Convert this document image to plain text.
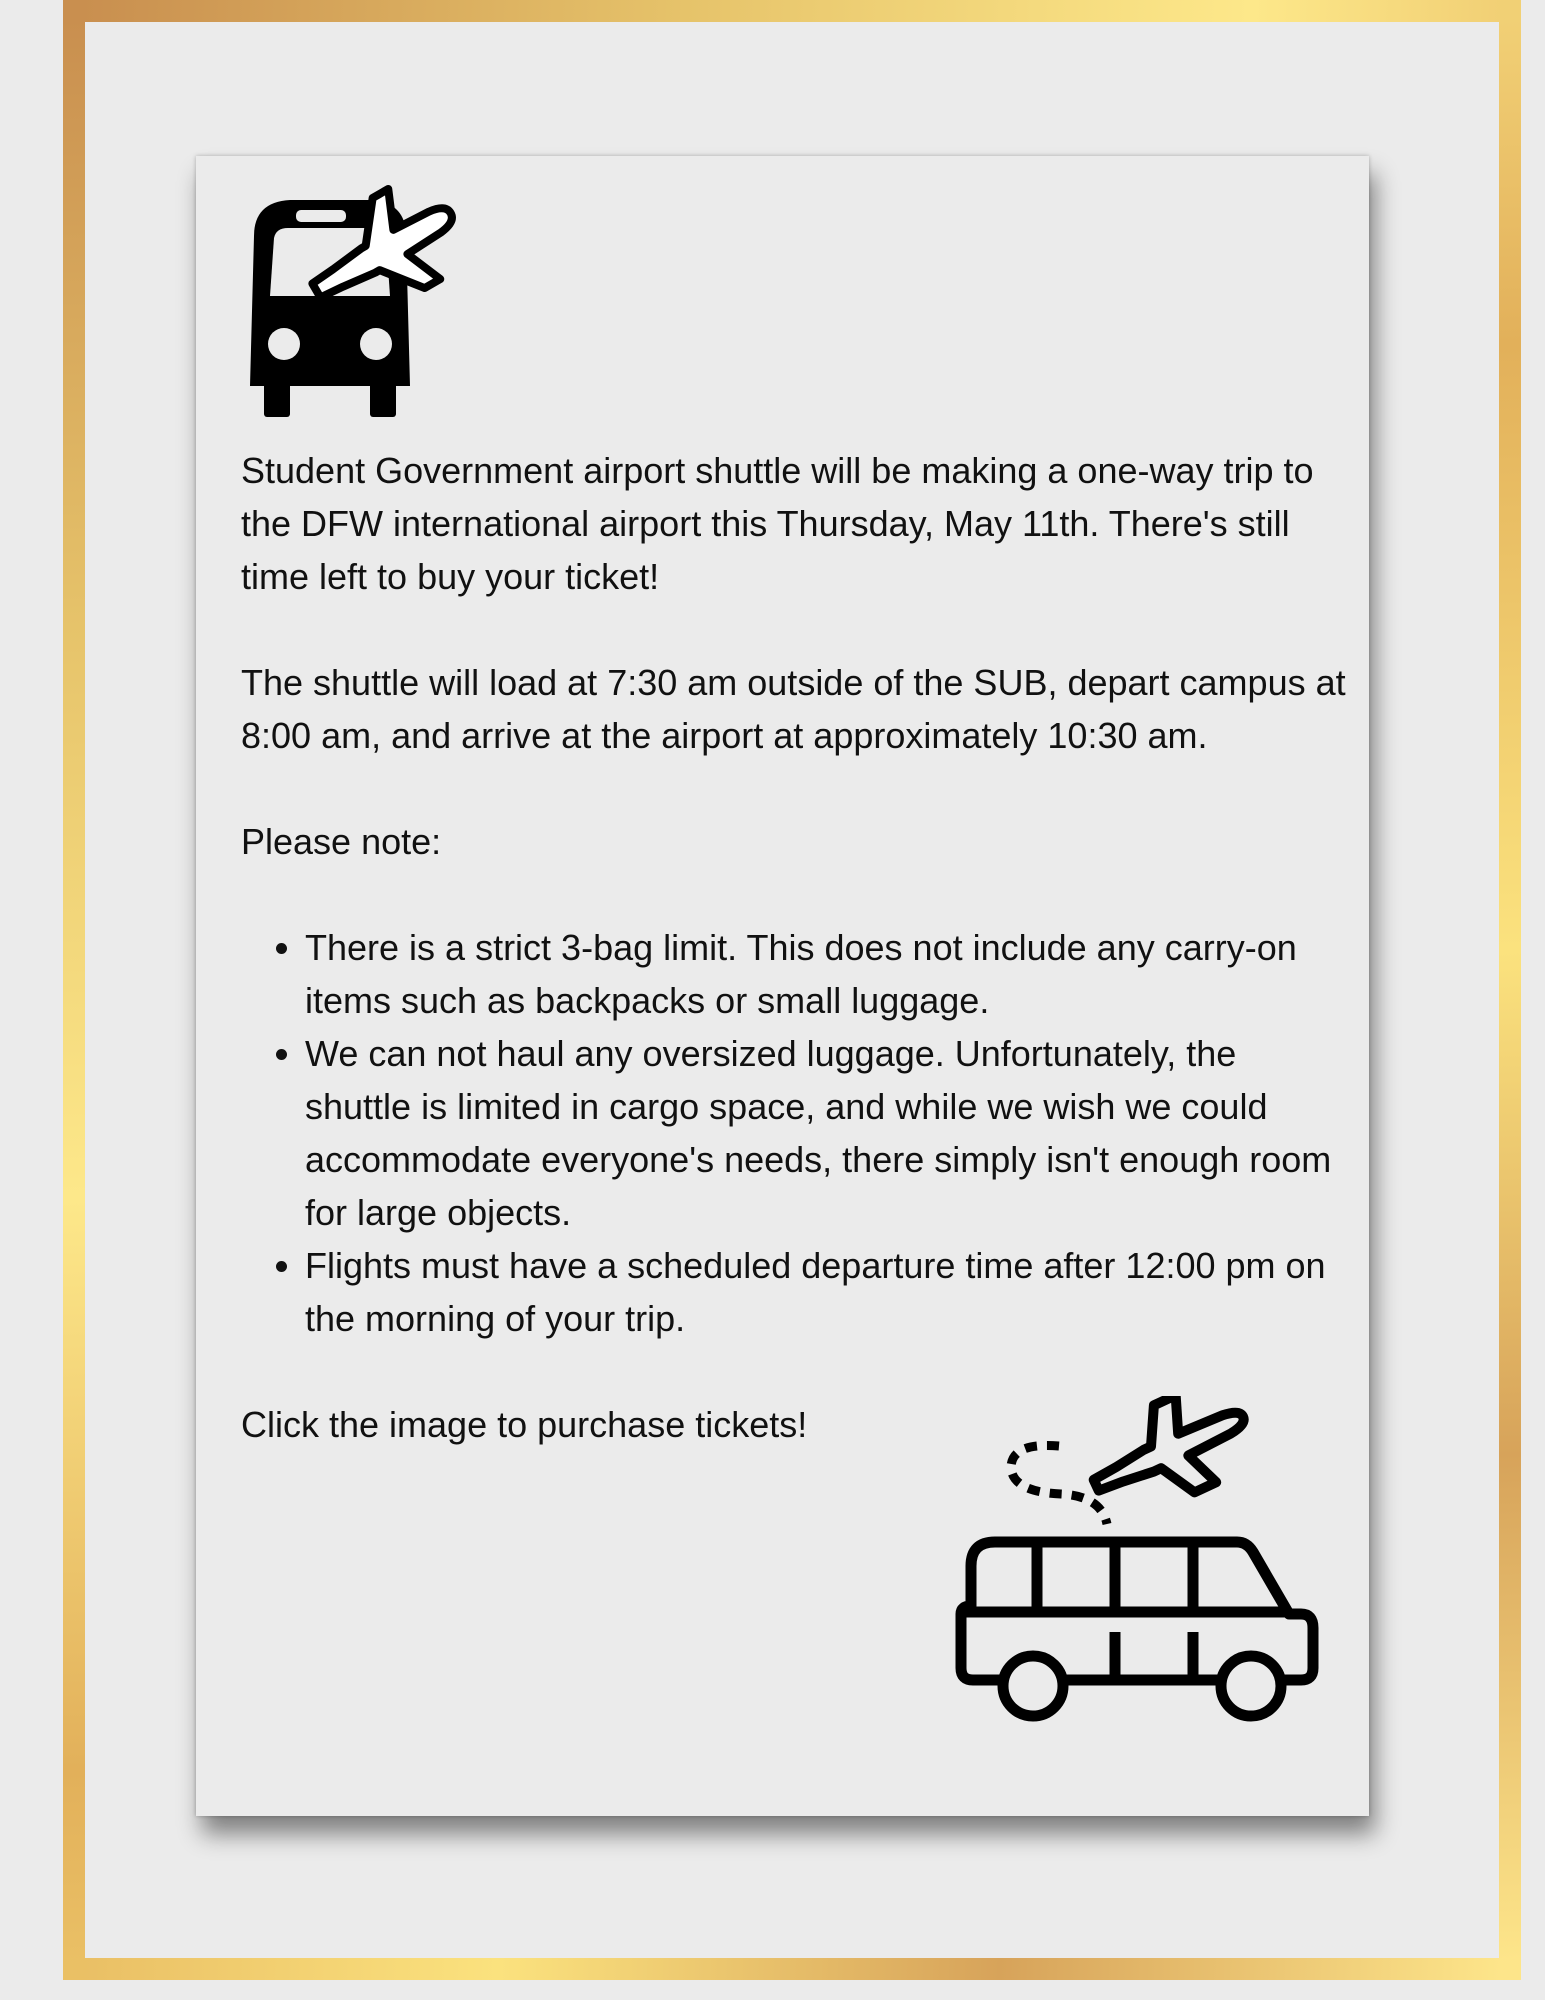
Student Government airport shuttle will be making a one-way trip to the DFW international airport this Thursday, May 11th. There's still time left to buy your ticket!

The shuttle will load at 7:30 am outside of the SUB, depart campus at 8:00 am, and arrive at the airport at approximately 10:30 am.

Please note:

• There is a strict 3-bag limit. This does not include any carry-on items such as backpacks or small luggage.
• We can not haul any oversized luggage. Unfortunately, the shuttle is limited in cargo space, and while we wish we could accommodate everyone's needs, there simply isn't enough room for large objects.
• Flights must have a scheduled departure time after 12:00 pm on the morning of your trip.

Click the image to purchase tickets!
